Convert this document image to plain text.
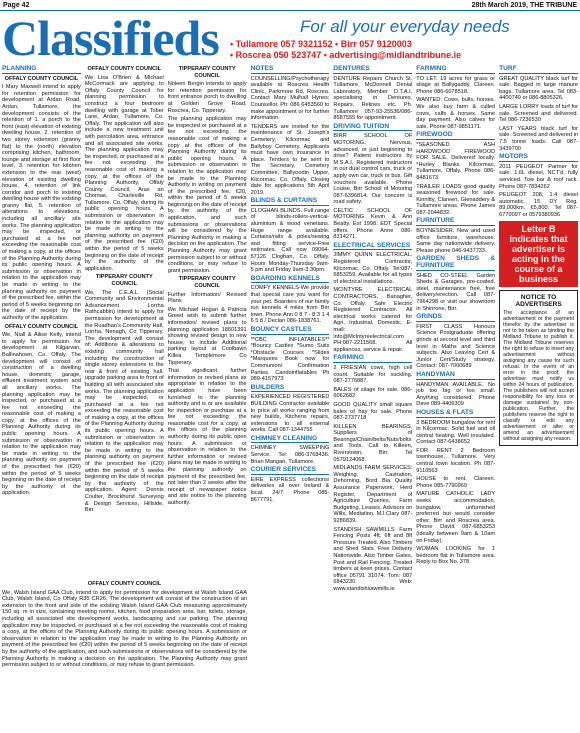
Page 42	28th March 2019, THE TRIBUNE
Classifieds	For all your everyday needs
• Tullamore 057 9321152 • Birr 057 9120003
• Roscrea 050 523747 • advertising@midlandtribune.ie
PLANNING
OFFALY COUNTY COUNCIL

I Mary Maxwell intend to apply for retention permission for development at Ardan Road, Ardan, Tullamore, the development consists of the retention of 1. a porch to the front (east) elevation of existing dwelling house, 2. retention of two storey extension (granny flat) to the (north) elevation comprising kitchen, bathroom, lounge and storage at first floor level, 3. retention for kitchen extension to the rear (west) elevation of existing dwelling house, 4. retention of link corridor and porch to existing dwelling house with the existing granny flat, 5. retention of alterations to elevations, including all ancillary site works. The planning application may be inspected, or purchased at a fee not exceeding the reasonable cost of making a copy, at the offices of the Planning Authority during its public opening hours. A submission or observation in relation to the application may be made in writing to the planning authority on payment of the prescribed fee, within the period of 5 weeks beginning on the date of receipt by the authority of the application.

OFFALY COUNTY COUNCIL

We, Niall & Ailise Kelly, intend to apply for permission for development at Kilgarvan, Ballinahown, Co. Offaly. The development will consist of construction of a dwelling house, domestic garage, effluent treatment system and all ancillary works. The planning application may be inspected, or purchased at a fee not exceeding the reasonable cost of making a copy, at the offices of the Planning Authority during its public opening hours. A submission or observation in relation to the application may be made in writing to the planning authority on payment of the prescribed fee (€20) within the period of 5 weeks beginning on the date of receipt by the authority of the application.

OFFALY COUNTY COUNCIL

We Lisa O'Brien & Michael McCormack are applying to Offaly County Council for planning permission to construct a four bedroom dwelling with garage at Tober Lane, Ardan, Tullamore, Co. Offaly. The application will also include a new treatment unit with percolation area, entrance and all associated site works. The planning application may be inspected, or purchased at a fee not exceeding the reasonable cost of making a copy, at the offices of the Planning Authority, Offaly County Council, Aras an Chontae, Charleville Rd, Tullamore, Co. Offaly, during its public opening hours. A submission or observation in relation to the application may be made in writing to the planning authority on payment of the prescribed fee (€20) within the period of 5 weeks beginning on the date of receipt by the authority of the application.

TIPPERARY COUNTY COUNCIL

We, The C.E.A.L. (Social Community and Environmental Advancement Lorrha Rathcabbin) intend to apply for permission for development at the Ruadhan's Community Hall, Lorrha, Nenagh, Co Tipperary. The development will consist of: Additions & alterations to existing community hall including the construction of single storey extensions to the rear & front of existing hall, upgrade parking area to front of building all with associated site works. The planning application may be inspected, or purchased at a fee not exceeding the reasonable cost of making a copy, at the offices of the Planning Authority during its public opening hours. A submission or observation in relation to the application may be made in writing to the planning authority on payment of the prescribed fee (€20) within the period of 5 weeks beginning on the date of receipt by the authority of the application. Agent: Dennis Coulter, Brockhurst Surveying & Design Services, Hillside, Birr.

TIPPERARY COUNTY COUNCIL

Noleen Bergin intends to apply for retention permission for front entrance porch to dwelling at Golden Grove Road, Roscrea, Co. Tipperary.

The planning application may be inspected or purchased at a fee not exceeding the reasonable cost of making a copy at the offices of the Planning Authority during its public opening hours. A submission or observation in relation to the application may be made to the Planning Authority in writing on payment of the prescribed fee, €20, within the period of 5 weeks beginning on the date of receipt by the authority of the application, and such submissions or observations will be considered by the Planning Authority in making a decision on the application. The Planning Authority may grant permission subject to or without conditions, or may refuse to grant permission.

TIPPERARY COUNTY COUNCIL

Further Information/ Revised Plans

We Michael Hogan & Patricia Greed wish to submit further information/ revised plans to planning application 18601391 showing revised design to new house, to include Additional parking layout at Coolbawn Killea Templemore Co Tipperary.

That significant further information or revised plans as appropriate in relation to the application have been furnished to the planning authority and is or are available for inspection or purchase at a fee not exceeding the reasonable cost for a copy, at the offices of the planning authority during its public open hours. A submission or observation in relation to the further information or revised plans may be made in writing to the planning authority on payment of the prescribed fee, not later than 2 weeks after the receipt of newspaper notice and site notice to the planning authority.

NOTES

COUNSELLING/Psychotherapy available at Roscrea Health Clinic, Parkmore Rd, Roscrea. Contact Mary Mulhall Hynes; Counsellor. Ph: 086 6453560 to make appointment or for further information.

TENDERS are invited for the maintenance of St. Joseph's Cemetery, Kilcormac and Ballyboy Cemetery. Applicants must have own insurance in place. Tenders to be sent to The Secretary, Cemetery Committee, Ballyoodin Upper, Kilcormac, Co. Offaly. Closing date for applications 5th April 2019.

BLINDS & CURTAINS

CLOGHAN BLINDS. Full range of blinds-rollers-vertical-aluminium & wood venetians. Huge range available. Curtains/rails & poles/sewing and fitting service-Free estimates. Call now 09064-57126 Cloghan, Co. Offaly. Hours Monday-Thursday 9am-5 pm and Friday 9am-3.30pm.

BOARDING KENNELS

COMFY KENNELS-We provide that special care you want for your pet. Boarders of our family run kennels 4 miles from Birr town. Phone Ann 0 8 7 - 8 3 1 4 6 5 8 / Declan 086-1838761.

BOUNCY CASTLES

**CBC INFLATABLES** *Bouncy Castles *Sumo Suits *Obstacle Courses *Slides *Marquees Book now for Communion/ Confirmation Parties. Candoinflatables Ph 089-4157973

BUILDERS

EXPERIENCED REGISTERED BUILDING Contractor available to price all works ranging from new builds, Kitchens repairs, extensions to all external works. Call 087-1344755

CHIMNEY CLEANING

CHIMNEY SWEEPING Service. Tel: 086-3768436. Brian Mangan, Tullamore.

COURIER SERVICES

EIRE EXPRESS collections/ deliveries all over Ireland & local. 24/7. Phone 085-8677791.

DENTURES

DENTURE Repairs Church St. Tullamore, McDonnell Denial Laboratory, Member D.T.A.I, specialising in Dentures, Repairs, Relines etc. Ph. Tullamore 057-93-25536/086-8587555 for appointment.

DRIVING TUITION

BIRR SCHOOL OF MOTORING. Nervous, advanced, or just beginning to drive? Patient instructors by M.S.A.I. Registered instructors in our dual control cars, truck or apply own car, truck or bus. Gift vouchers available. Phone Louise, Birr School of Motoring 087-6396814. Our concern is road safety.

CELTIC SCHOOL OF MOTORING Kevin & Ann Beatty. Est 1998. EDT Special offers. Phone Anne 086-8314271.

ELECTRICAL SERVICES

JIMMY QUINN ELECTRICAL. Registered Contractor, Kilcormac, Co. Offaly. Tel:087-6853259. Available for all types of electrical installations.

MCINTYRE ELECTRICAL CONTRACTORS, Banagher, Co. Offaly. Safe Electric Registered Contractor. All electrical works catered for Agri, Industrial, Domestic. E-mail: info@McIntyreelectrical.com PH:087-2211568. All appliances, service & repair.

FARMING

2 FRIESIAN cows, high cell count. Suitable for suckling. 087-2776887.

BALES of silage for sale. 086-6062682

GOOD QUALITY small square bales of hay for sale. Phone 087-2737718

KILLEEN BEARINGS, Suppliers of Bearings/Chain/belts/Nuts/bolts and Tools. Call to Killeen, Riverstown, Birr. Tel 0579124068.

MIDLANDS FARM SERVICES: Weighing, Castration, Dehorning, Bord Bia Quality Assurance Paperwork, Herd Register, Department of Agriculture Queries, Farm Budgeting, Leases, Advisors on Wills, Mediation. MJ Clary 087-9286839.

STANDISH SAWMILLS Farm Fencing Posts 4ft, 6ft and 8ft Pressure Treated. Also Timbers and Shed Slats. Free Delivery Nationwide. Also Timber Gates, Post and Rail Fencing. Treated timbers at keen prices. Contact office 05791 31074. Tom: 087 6843230. Web: www.standishsawmills.ie

FARMING

TO LET. 19 acres for grass or silage at Ballygaddy, Clareen. Phone 086-6078518.

WANTED: Cows, bulls, horses. We also buy farm & culled cows, calfs & horses. Same day payment. Also calves for sale. Phone 087-9851171.

FIREWOOD

*SEASONED ASH HARDWOOD FIREWOOD FOR SALE, Delivered locally. *Hurley Blanks. Kilcormac, Tullamore, Offaly. Phone 086-8481673.

TRAILER LOADS good quality seasoned firewood for sale. Kinnitty, Clareen, Glenaddery & Tullamore areas. Phone James 087-2044832.

FURNITURE

BOYNESIDER. New and used office furniture, warehouse. Same day nationwide delivery. Please phone 046-9437733.

GARDEN SHEDS & FURNITURE

SHED CO-STEEL Garden Sheds & Garages, pre-coated, steel, maintenance free, free delivery/erection. Call 087-7964298 or visit our showroom in Shinrone, Birr.

GRINDS

FIRST CLASS Honours Science Postgraduate offering grinds at second level and third level in Maths and Science subjects. Also Leaving Cert & Junior Cert/Study strategy. Contact: 087-7000689

HANDYMAN

HANDYMAN AVAILABLE. No job too big or too small. Anything considered. Phone Dave 089-4406309

HOUSES & FLATS

3 BEDROOM bungalow for rent in Kilcormac. Solid fuel and oil central heating. Well insulated. Contact 087-6438652

FOR RENT 2 Bedroom townhouse, Tullamore. Very central town location. Ph 087-9110563

HOUSE to rent. Clareen. Phone 085-7790969

MATURE CATHOLIC LADY seeks accommodation, bungalow, unfurnished preferred but would consider other. Birr and Roscrea area. Phone David 087-6853253 (ideally between 9am & 10am on Friday).

WOMAN LOOKING for 1 bedroom flat in Tullamore area. Reply to Box No. 378

TURF

GREAT QUALITY black turf for sale. Bagged in large manure bags. Tullamore area. Tel 083-4400749 or 086-8805326.

LARGE LORRY loads of turf for sale. Screened and delivered. Tel 086-7236530

LAST YEARS black turf for sale. Screened and delivered in 7.5 tonne loads. Call 087-3439700

MOTORS

2011 PEUGEOT Partner for sale. 1.6L diesel, NCT'd, fully serviced. Tow bar & roof rack. Phone 087-7834262

PEUGEOT 208, 1.4 diesel automatic. 15 DY Reg. 89,000km. €5,800. Tel 087-6770097 or 0579380936

Letter B indicates that advertiser is acting in the course of a business
NOTICE TO ADVERTISERS
The acceptance of an advertisement or the payment therefor by the advertiser is not to be taken as binding the Midland Tribune to publish it. The Midland Tribune reserves the right to refuse to insert any advertisement without assigning any cause for such refusal. In the event of an error in the proof, the advertiser must notify us within 24 hours of publication. The publishers will not accept responsibility for any loss or damage sustained by non-publication. Further, the publishers reserve the right to classify or edit any advertisement or alter or amend an advertisement without assigning any reason.
OFFALY COUNTY COUNCIL

We, Walsh Island GAA Club, intend to apply for permission for development at Walsh Island GAA Club, Walsh Island, Co Offaly R35 CR26. The development will consist of the construction of an extension to the front and side of the existing Walsh Island GAA Club measuring approximately 150 sq. m in size, containing meeting rooms, kitchen, food preparation area, bar, toilets, storage, including all associated site development works, landscaping and car parking. The planning application may be inspected, or purchased at a fee not exceeding the reasonable cost of making a copy, at the offices of the Planning Authority during its public opening hours. A submission or observation in relation to the application may be made in writing to the Planning Authority on payment of the prescribed fee (€20) within the period of 5 weeks beginning on the date of receipt by the authority of the application, and such submissions or observations will be considered by the Planning Authority in making a decision on the application. The Planning Authority may grant permission subject to or without conditions, or may refuse to grant permission.
